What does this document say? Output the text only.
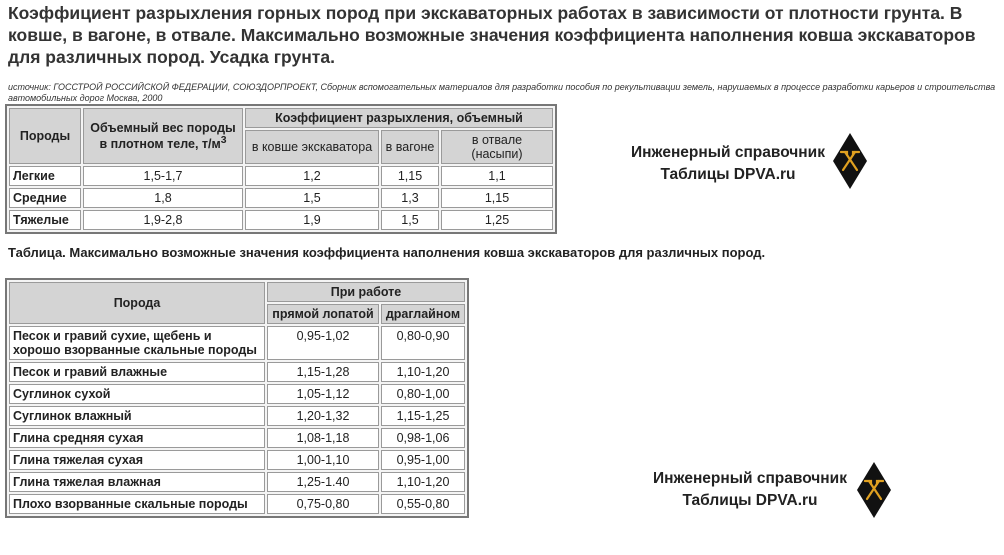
Коэффициент разрыхления горных пород при экскаваторных работах в зависимости от плотности грунта. В ковше, в вагоне, в отвале. Максимально возможные значения коэффициента наполнения ковша экскаваторов для различных пород. Усадка грунта.
источник: ГОССТРОЙ РОССИЙСКОЙ ФЕДЕРАЦИИ, СОЮЗДОРПРОЕКТ, Сборник вспомогательных материалов для разработки пособия по рекультивации земель, нарушаемых в процессе разработки карьеров и строительства
автомобильных дорог Москва, 2000
Породы	Объемный вес породы в плотном теле, $т/м^3$	Коэффициент разрыхления, объемный		
		в ковше экскаватора	в вагоне	в отвале (насыпи)
Легкие	1,5-1,7	1,2	1,15	1,1
Средние	1,8	1,5	1,3	1,15
Тяжелые	1,9-2,8	1,9	1,5	1,25
Инженерный справочник
Таблицы DPVA.ru
Таблица. Максимально возможные значения коэффициента наполнения ковша экскаваторов для различных пород.
Порода	При работе	
	прямой лопатой	драглайном
Песок и гравий сухие, щебень и хорошо взорванные скальные породы	0,95-1,02	0,80-0,90
Песок и гравий влажные	1,15-1,28	1,10-1,20
Суглинок сухой	1,05-1,12	0,80-1,00
Суглинок влажный	1,20-1,32	1,15-1,25
Глина средняя сухая	1,08-1,18	0,98-1,06
Глина тяжелая сухая	1,00-1,10	0,95-1,00
Глина тяжелая влажная	1,25-1.40	1,10-1,20
Плохо взорванные скальные породы	0,75-0,80	0,55-0,80
Инженерный справочник
Таблицы DPVA.ru
